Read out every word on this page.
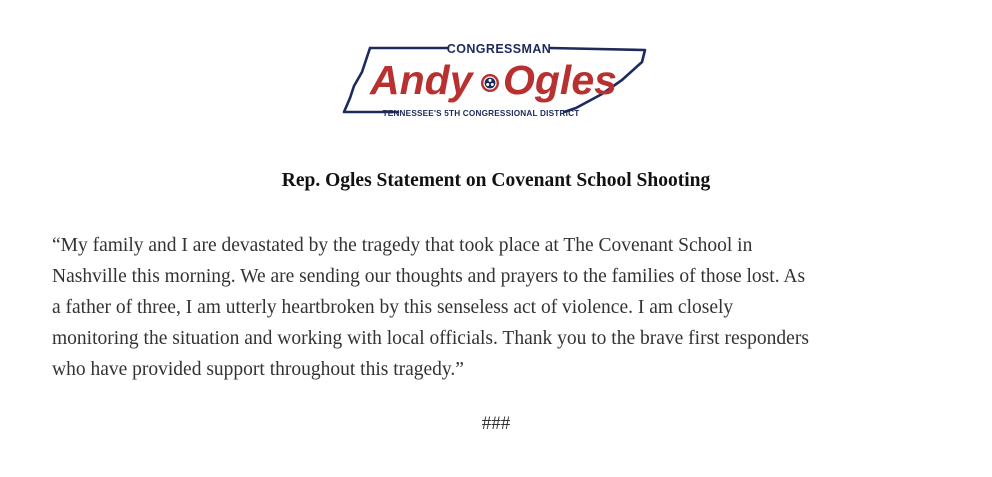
CONGRESSMAN
Andy Ogles
TENNESSEE'S 5TH CONGRESSIONAL DISTRICT
Rep. Ogles Statement on Covenant School Shooting
“My family and I are devastated by the tragedy that took place at The Covenant School in
Nashville this morning. We are sending our thoughts and prayers to the families of those lost. As
a father of three, I am utterly heartbroken by this senseless act of violence. I am closely
monitoring the situation and working with local officials. Thank you to the brave first responders
who have provided support throughout this tragedy.”

###
